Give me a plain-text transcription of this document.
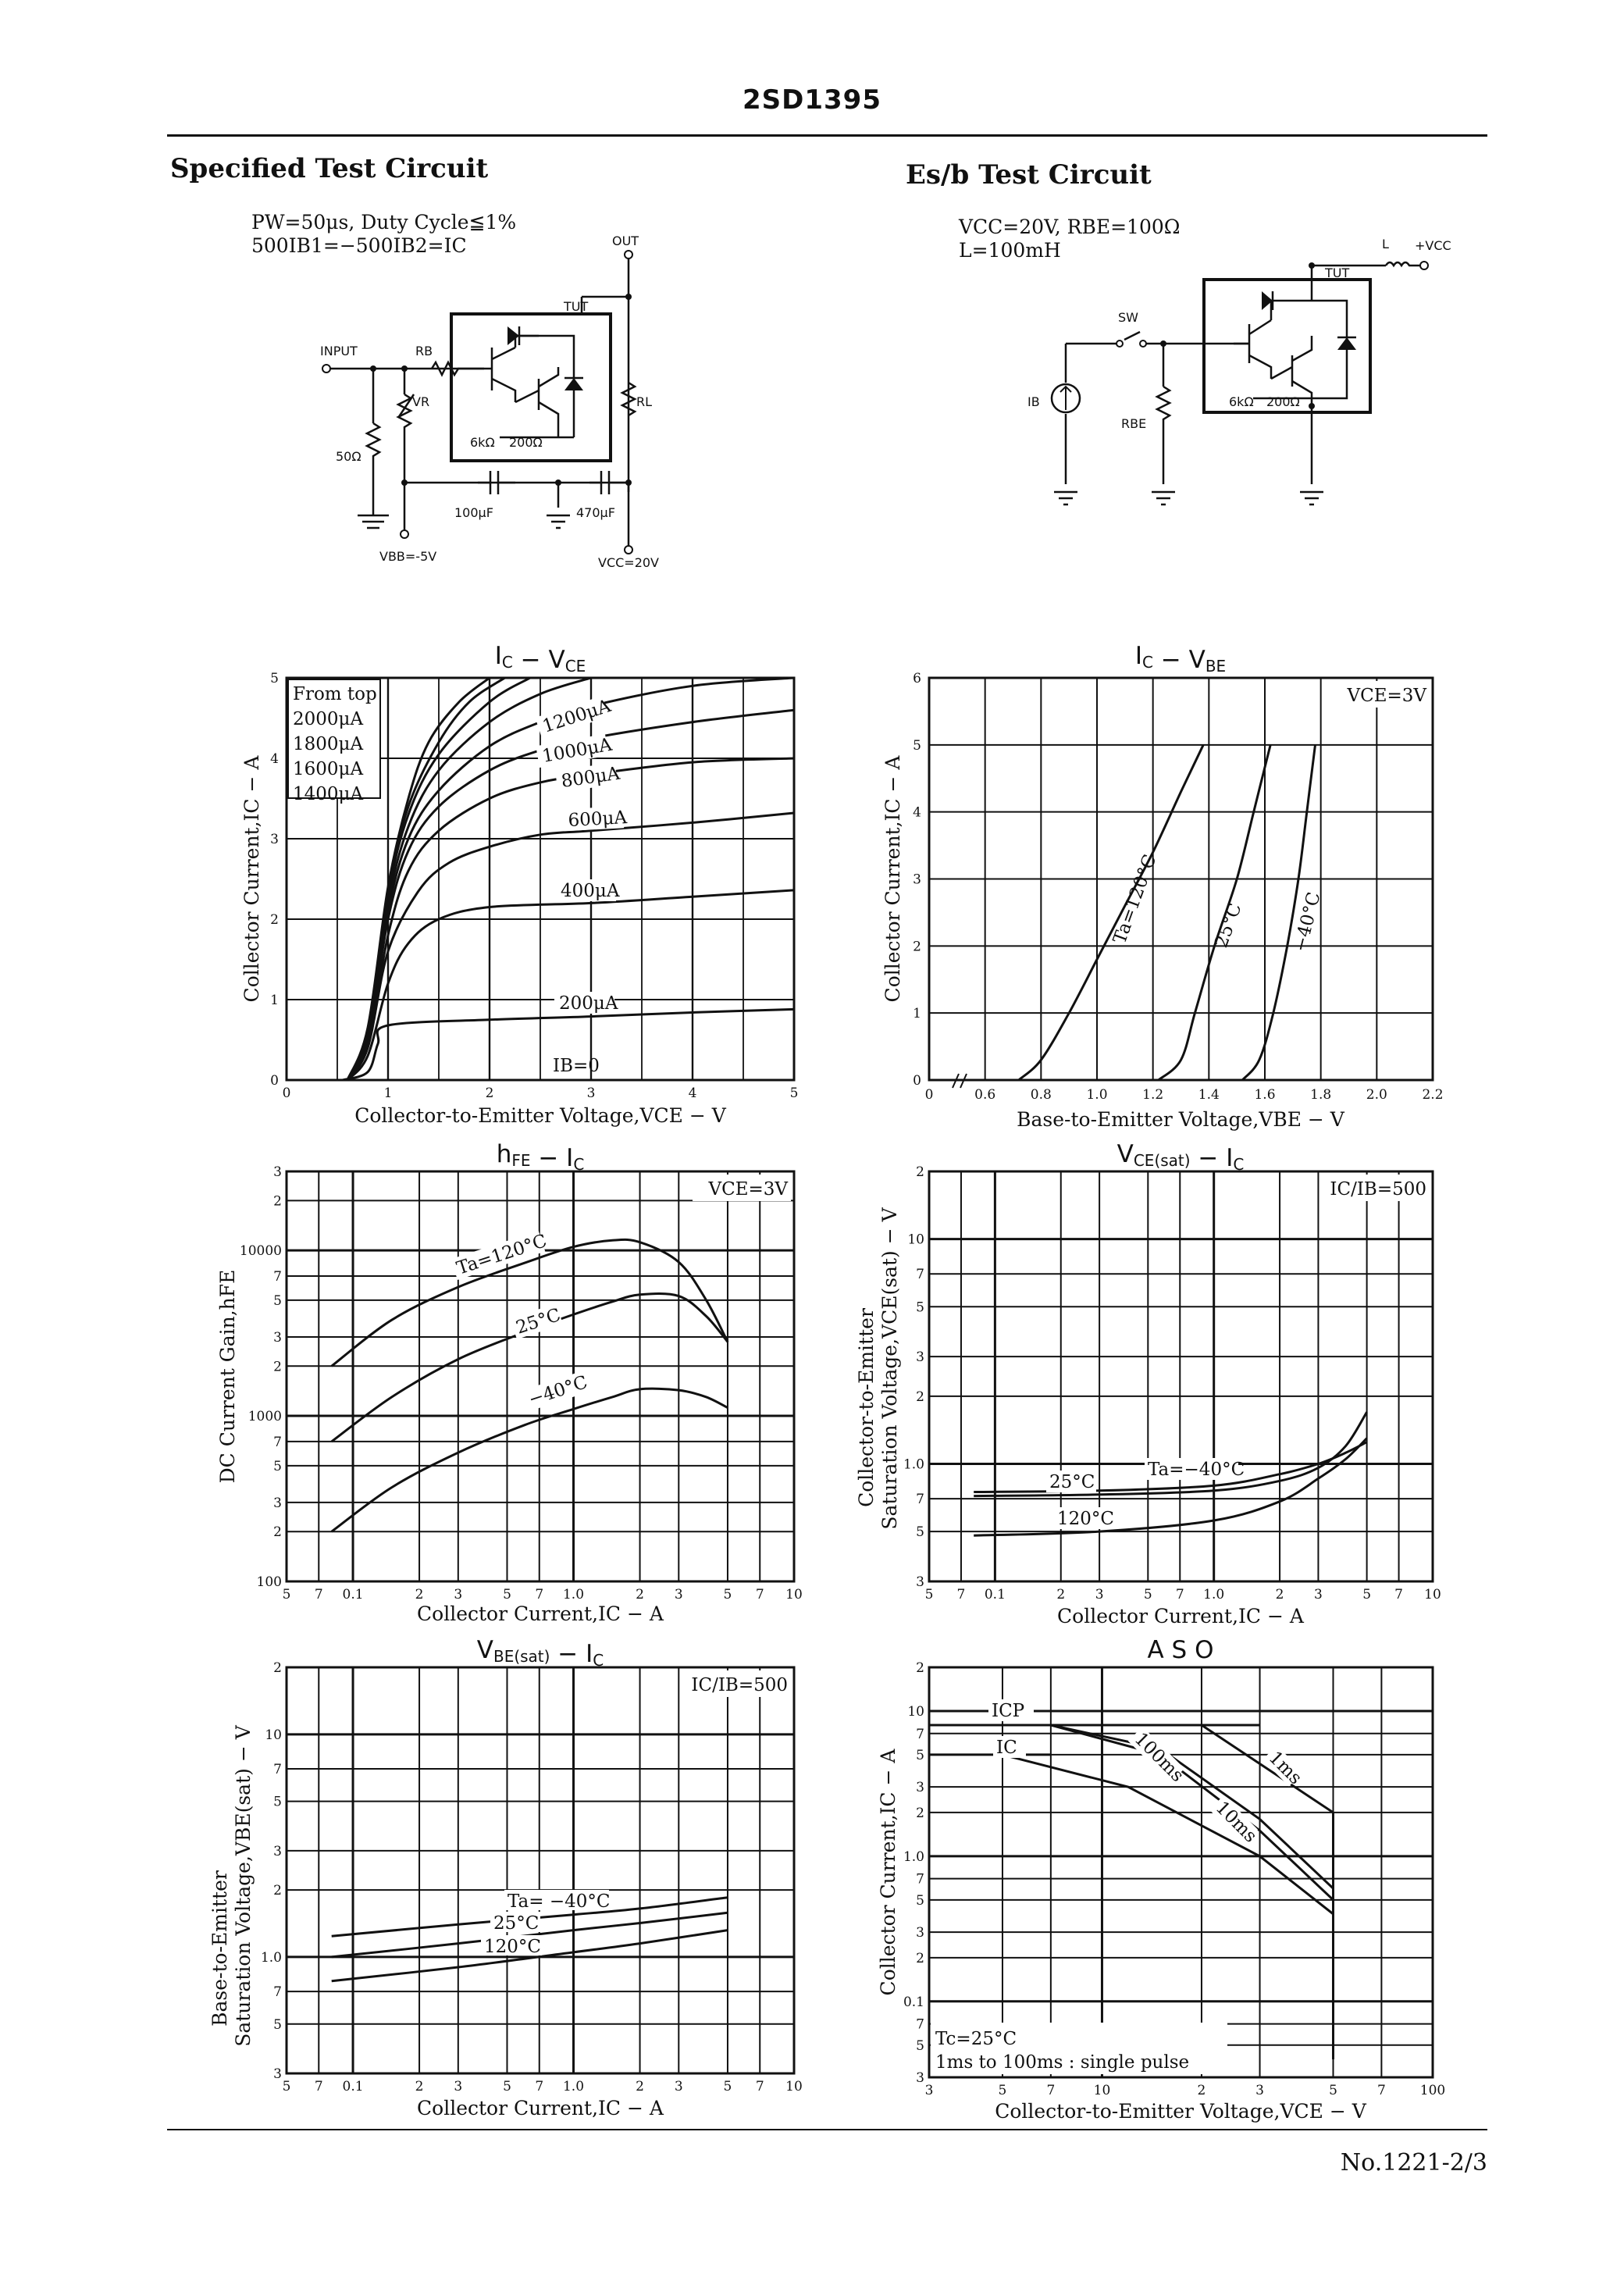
2SD1395
Specified Test Circuit
PW=50μs, Duty Cycle≦1%
500IB1=−500IB2=IC	OUT
INPUT	RB
VR
TUT
RL
50Ω
6kΩ 200Ω
100μF	470μF
VBB=-5V	VCC=20V
Es/b Test Circuit
VCC=20V, RBE=100Ω
L=100mH	L +VCC
TUT
SW
IB
RBE
6kΩ 200Ω
0	1	2	3	4	5
0
1
2
3
4
5
From top
2000μA
1800μA
1600μA
1400μA
1200μA
1000μA
800μA
600μA
400μA
200μA
IB=0
IC − VCE
Collector-to-Emitter Voltage,VCE − V
Collector Current,IC − A
0	0.6	0.8	1.0	1.2	1.4	1.6	1.8	2.0	2.2
0
1
2
3
4
5
6
VCE=3V
Ta=120°C	25°C −40°C
IC − VBE
Base-to-Emitter Voltage,VBE − V
Collector Current,IC − A
5 7 0.1	2 3	5 7 1.0	2 3	5 7 10
100
2
3
5
7
1000
2
3
5
7
10000
2
3
VCE=3V
Ta=120°C
25°C
−40°C
hFE − IC
Collector Current,IC − A
DC Current Gain,hFE
5 7 0.1	2 3	5 7 1.0	2 3	5 7 10
3
5
7
1.0
2
3
5
7
10
2
IC/IB=500
Ta=−40°C
25°C
120°C
VCE(sat) − IC
Collector Current,IC − A
Collector-to-Emitter Saturation Voltage,VCE(sat) − V
5 7 0.1	2 3	5 7 1.0	2 3	5 7 10
3
5
7
1.0
2
3
5
7
10
2
IC/IB=500
Ta= −40°C
25°C
120°C
VBE(sat) − IC
Collector Current,IC − A
Base-to-Emitter Saturation Voltage,VBE(sat) − V
3	5	7	10	2	3	5	7	100
3
5
7
0.1
2
3
5
7
1.0
2
3
5
7
10
2
ICP
IC	100ms
10ms
1ms
Tc=25°C
1ms to 100ms : single pulse
A S O
Collector-to-Emitter Voltage,VCE − V
Collector Current,IC − A
No.1221-2/3
